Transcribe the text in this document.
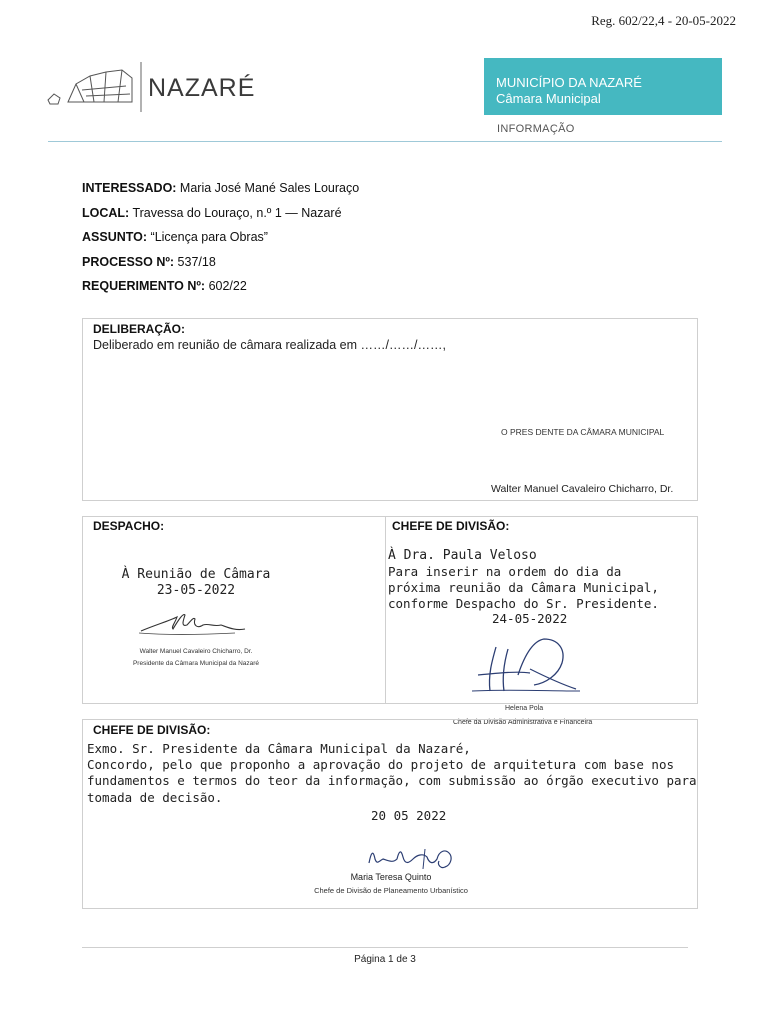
Reg. 602/22,4 - 20-05-2022
NAZARÉ	MUNICÍPIO DA NAZARÉ
Câmara Municipal
INFORMAÇÃO
INTERESSADO: Maria José Mané Sales Louraço
LOCAL: Travessa do Louraço, n.º 1 — Nazaré
ASSUNTO: “Licença para Obras”
PROCESSO Nº: 537/18
REQUERIMENTO Nº: 602/22
DELIBERAÇÃO:
Deliberado em reunião de câmara realizada em ……/……/……,
O PRES DENTE DA CÂMARA MUNICIPAL
Walter Manuel Cavaleiro Chicharro, Dr.
DESPACHO:
À Reunião de Câmara
23-05-2022
Walter Manuel Cavaleiro Chicharro, Dr.
Presidente da Câmara Municipal da Nazaré
CHEFE DE DIVISÃO:
À Dra. Paula Veloso
Para inserir na ordem do dia da
próxima reunião da Câmara Municipal,
conforme Despacho do Sr. Presidente.
24-05-2022
Helena Pola
Chefe da Divisão Administrativa e Financeira
CHEFE DE DIVISÃO:
Exmo. Sr. Presidente da Câmara Municipal da Nazaré,
Concordo, pelo que proponho a aprovação do projeto de arquitetura com base nos
fundamentos e termos do teor da informação, com submissão ao órgão executivo para
tomada de decisão.
20 05 2022
Maria Teresa Quinto
Chefe de Divisão de Planeamento Urbanístico
Página 1 de 3
